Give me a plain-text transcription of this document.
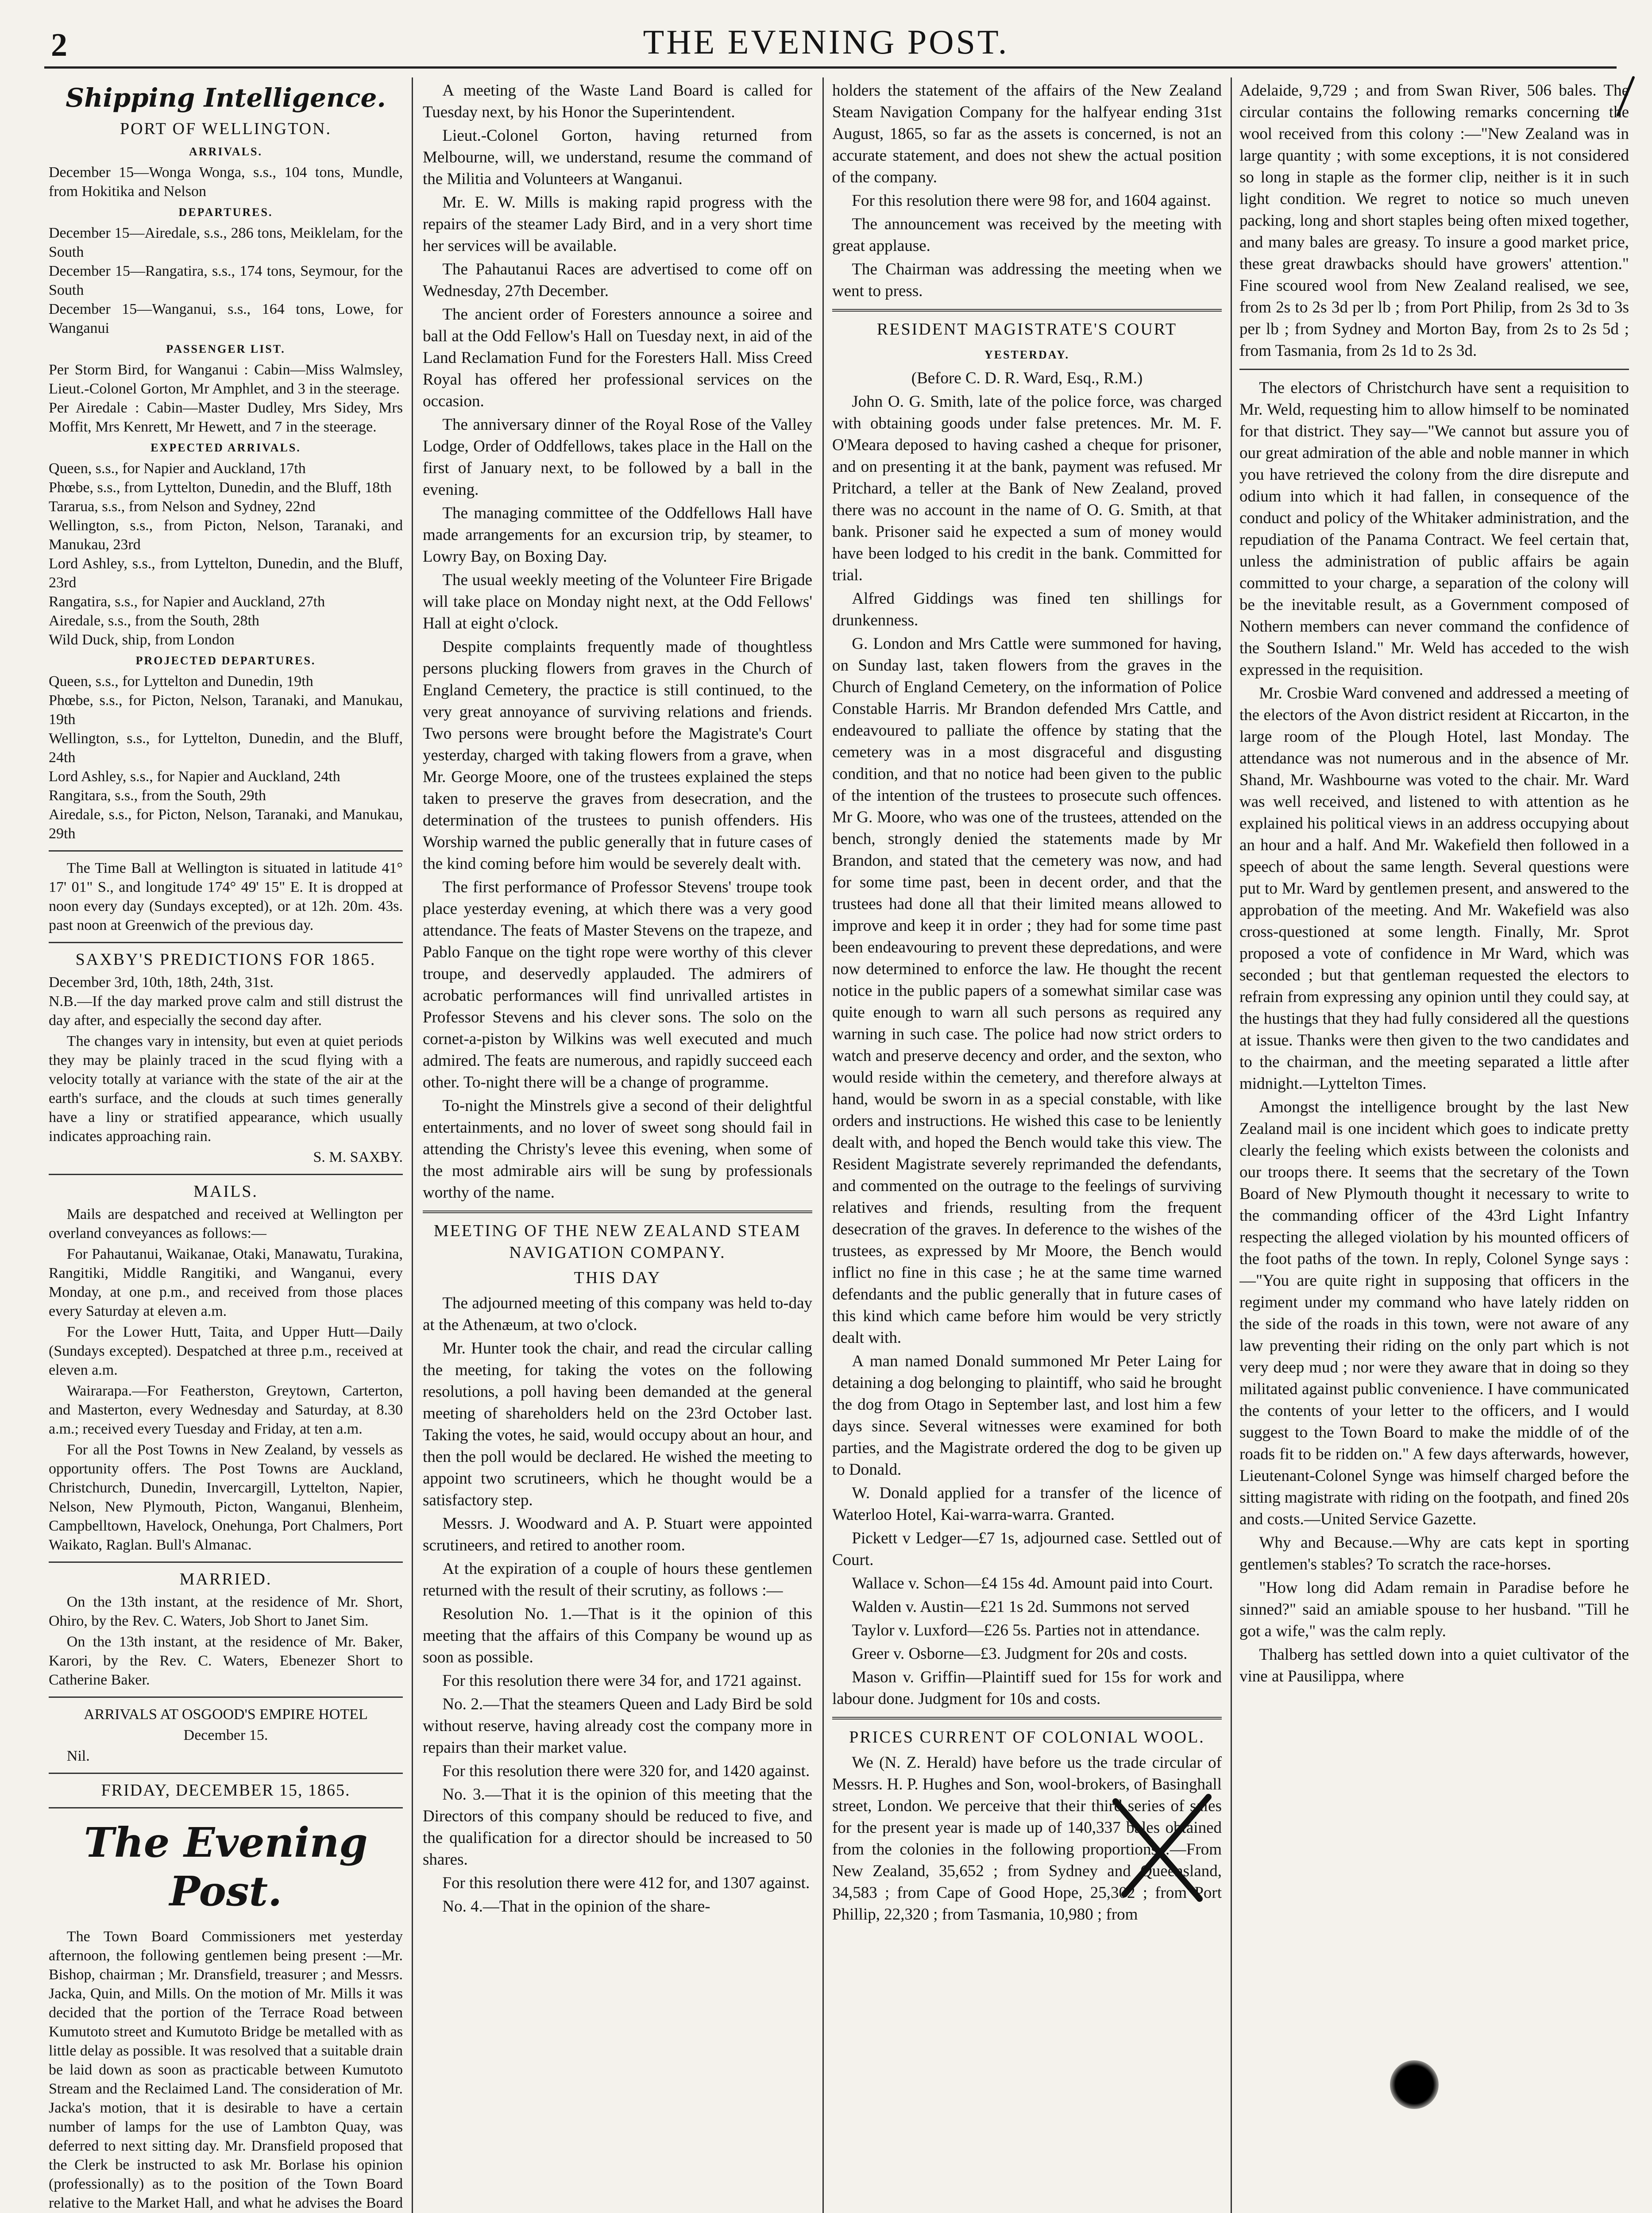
2	THE EVENING POST.
Shipping Intelligence.

PORT OF WELLINGTON.

ARRIVALS.

December 15—Wonga Wonga, s.s., 104 tons, Mundle, from Hokitika and Nelson

DEPARTURES.

December 15—Airedale, s.s., 286 tons, Meiklelam, for the South
December 15—Rangatira, s.s., 174 tons, Seymour, for the South
December 15—Wanganui, s.s., 164 tons, Lowe, for Wanganui

PASSENGER LIST.

Per Storm Bird, for Wanganui : Cabin—Miss Walmsley, Lieut.-Colonel Gorton, Mr Amphlet, and 3 in the steerage.
Per Airedale : Cabin—Master Dudley, Mrs Sidey, Mrs Moffit, Mrs Kenrett, Mr Hewett, and 7 in the steerage.

EXPECTED ARRIVALS.

Queen, s.s., for Napier and Auckland, 17th
Phœbe, s.s., from Lyttelton, Dunedin, and the Bluff, 18th
Tararua, s.s., from Nelson and Sydney, 22nd
Wellington, s.s., from Picton, Nelson, Taranaki, and Manukau, 23rd
Lord Ashley, s.s., from Lyttelton, Dunedin, and the Bluff, 23rd
Rangatira, s.s., for Napier and Auckland, 27th
Airedale, s.s., from the South, 28th
Wild Duck, ship, from London

PROJECTED DEPARTURES.

Queen, s.s., for Lyttelton and Dunedin, 19th
Phœbe, s.s., for Picton, Nelson, Taranaki, and Manukau, 19th
Wellington, s.s., for Lyttelton, Dunedin, and the Bluff, 24th
Lord Ashley, s.s., for Napier and Auckland, 24th
Rangitara, s.s., from the South, 29th
Airedale, s.s., for Picton, Nelson, Taranaki, and Manukau, 29th

The Time Ball at Wellington is situated in latitude 41° 17' 01" S., and longitude 174° 49' 15" E. It is dropped at noon every day (Sundays excepted), or at 12h. 20m. 43s. past noon at Greenwich of the previous day.

SAXBY'S PREDICTIONS FOR 1865.

December 3rd, 10th, 18th, 24th, 31st.
N.B.—If the day marked prove calm and still distrust the day after, and especially the second day after.

The changes vary in intensity, but even at quiet periods they may be plainly traced in the scud flying with a velocity totally at variance with the state of the air at the earth's surface, and the clouds at such times generally have a liny or stratified appearance, which usually indicates approaching rain.

S. M. SAXBY.

MAILS.

Mails are despatched and received at Wellington per overland conveyances as follows:—

For Pahautanui, Waikanae, Otaki, Manawatu, Turakina, Rangitiki, Middle Rangitiki, and Wanganui, every Monday, at one p.m., and received from those places every Saturday at eleven a.m.

For the Lower Hutt, Taita, and Upper Hutt—Daily (Sundays excepted). Despatched at three p.m., received at eleven a.m.

Wairarapa.—For Featherston, Greytown, Carterton, and Masterton, every Wednesday and Saturday, at 8.30 a.m.; received every Tuesday and Friday, at ten a.m.

For all the Post Towns in New Zealand, by vessels as opportunity offers. The Post Towns are Auckland, Christchurch, Dunedin, Invercargill, Lyttelton, Napier, Nelson, New Plymouth, Picton, Wanganui, Blenheim, Campbelltown, Havelock, Onehunga, Port Chalmers, Port Waikato, Raglan. Bull's Almanac.

MARRIED.

On the 13th instant, at the residence of Mr. Short, Ohiro, by the Rev. C. Waters, Job Short to Janet Sim.

On the 13th instant, at the residence of Mr. Baker, Karori, by the Rev. C. Waters, Ebenezer Short to Catherine Baker.

ARRIVALS AT OSGOOD'S EMPIRE HOTEL

December 15.

Nil.

FRIDAY, DECEMBER 15, 1865.

The Evening Post.

The Town Board Commissioners met yesterday afternoon, the following gentlemen being present :—Mr. Bishop, chairman ; Mr. Dransfield, treasurer ; and Messrs. Jacka, Quin, and Mills. On the motion of Mr. Mills it was decided that the portion of the Terrace Road between Kumutoto street and Kumutoto Bridge be metalled with as little delay as possible. It was resolved that a suitable drain be laid down as soon as practicable between Kumutoto Stream and the Reclaimed Land. The consideration of Mr. Jacka's motion, that it is desirable to have a certain number of lamps for the use of Lambton Quay, was deferred to next sitting day. Mr. Dransfield proposed that the Clerk be instructed to ask Mr. Borlase his opinion (professionally) as to the position of the Town Board relative to the Market Hall, and what he advises the Board

A meeting of the Waste Land Board is called for Tuesday next, by his Honor the Superintendent.

Lieut.-Colonel Gorton, having returned from Melbourne, will, we understand, resume the command of the Militia and Volunteers at Wanganui.

Mr. E. W. Mills is making rapid progress with the repairs of the steamer Lady Bird, and in a very short time her services will be available.

The Pahautanui Races are advertised to come off on Wednesday, 27th December.

The ancient order of Foresters announce a soiree and ball at the Odd Fellow's Hall on Tuesday next, in aid of the Land Reclamation Fund for the Foresters Hall. Miss Creed Royal has offered her professional services on the occasion.

The anniversary dinner of the Royal Rose of the Valley Lodge, Order of Oddfellows, takes place in the Hall on the first of January next, to be followed by a ball in the evening.

The managing committee of the Oddfellows Hall have made arrangements for an excursion trip, by steamer, to Lowry Bay, on Boxing Day.

The usual weekly meeting of the Volunteer Fire Brigade will take place on Monday night next, at the Odd Fellows' Hall at eight o'clock.

Despite complaints frequently made of thoughtless persons plucking flowers from graves in the Church of England Cemetery, the practice is still continued, to the very great annoyance of surviving relations and friends. Two persons were brought before the Magistrate's Court yesterday, charged with taking flowers from a grave, when Mr. George Moore, one of the trustees explained the steps taken to preserve the graves from desecration, and the determination of the trustees to punish offenders. His Worship warned the public generally that in future cases of the kind coming before him would be severely dealt with.

The first performance of Professor Stevens' troupe took place yesterday evening, at which there was a very good attendance. The feats of Master Stevens on the trapeze, and Pablo Fanque on the tight rope were worthy of this clever troupe, and deservedly applauded. The admirers of acrobatic performances will find unrivalled artistes in Professor Stevens and his clever sons. The solo on the cornet-a-piston by Wilkins was well executed and much admired. The feats are numerous, and rapidly succeed each other. To-night there will be a change of programme.

To-night the Minstrels give a second of their delightful entertainments, and no lover of sweet song should fail in attending the Christy's levee this evening, when some of the most admirable airs will be sung by professionals worthy of the name.

MEETING OF THE NEW ZEALAND STEAM NAVIGATION COMPANY.

THIS DAY

The adjourned meeting of this company was held to-day at the Athenæum, at two o'clock.

Mr. Hunter took the chair, and read the circular calling the meeting, for taking the votes on the following resolutions, a poll having been demanded at the general meeting of shareholders held on the 23rd October last. Taking the votes, he said, would occupy about an hour, and then the poll would be declared. He wished the meeting to appoint two scrutineers, which he thought would be a satisfactory step.

Messrs. J. Woodward and A. P. Stuart were appointed scrutineers, and retired to another room.

At the expiration of a couple of hours these gentlemen returned with the result of their scrutiny, as follows :—

Resolution No. 1.—That is it the opinion of this meeting that the affairs of this Company be wound up as soon as possible.

For this resolution there were 34 for, and 1721 against.

No. 2.—That the steamers Queen and Lady Bird be sold without reserve, having already cost the company more in repairs than their market value.

For this resolution there were 320 for, and 1420 against.

No. 3.—That it is the opinion of this meeting that the Directors of this company should be reduced to five, and the qualification for a director should be increased to 50 shares.

For this resolution there were 412 for, and 1307 against.

No. 4.—That in the opinion of the share-

holders the statement of the affairs of the New Zealand Steam Navigation Company for the halfyear ending 31st August, 1865, so far as the assets is concerned, is not an accurate statement, and does not shew the actual position of the company.

For this resolution there were 98 for, and 1604 against.

The announcement was received by the meeting with great applause.

The Chairman was addressing the meeting when we went to press.

RESIDENT MAGISTRATE'S COURT

YESTERDAY.

(Before C. D. R. Ward, Esq., R.M.)

John O. G. Smith, late of the police force, was charged with obtaining goods under false pretences. Mr. M. F. O'Meara deposed to having cashed a cheque for prisoner, and on presenting it at the bank, payment was refused. Mr Pritchard, a teller at the Bank of New Zealand, proved there was no account in the name of O. G. Smith, at that bank. Prisoner said he expected a sum of money would have been lodged to his credit in the bank. Committed for trial.

Alfred Giddings was fined ten shillings for drunkenness.

G. London and Mrs Cattle were summoned for having, on Sunday last, taken flowers from the graves in the Church of England Cemetery, on the information of Police Constable Harris. Mr Brandon defended Mrs Cattle, and endeavoured to palliate the offence by stating that the cemetery was in a most disgraceful and disgusting condition, and that no notice had been given to the public of the intention of the trustees to prosecute such offences. Mr G. Moore, who was one of the trustees, attended on the bench, strongly denied the statements made by Mr Brandon, and stated that the cemetery was now, and had for some time past, been in decent order, and that the trustees had done all that their limited means allowed to improve and keep it in order ; they had for some time past been endeavouring to prevent these depredations, and were now determined to enforce the law. He thought the recent notice in the public papers of a somewhat similar case was quite enough to warn all such persons as required any warning in such case. The police had now strict orders to watch and preserve decency and order, and the sexton, who would reside within the cemetery, and therefore always at hand, would be sworn in as a special constable, with like orders and instructions. He wished this case to be leniently dealt with, and hoped the Bench would take this view. The Resident Magistrate severely reprimanded the defendants, and commented on the outrage to the feelings of surviving relatives and friends, resulting from the frequent desecration of the graves. In deference to the wishes of the trustees, as expressed by Mr Moore, the Bench would inflict no fine in this case ; he at the same time warned defendants and the public generally that in future cases of this kind which came before him would be very strictly dealt with.

A man named Donald summoned Mr Peter Laing for detaining a dog belonging to plaintiff, who said he brought the dog from Otago in September last, and lost him a few days since. Several witnesses were examined for both parties, and the Magistrate ordered the dog to be given up to Donald.

W. Donald applied for a transfer of the licence of Waterloo Hotel, Kai-warra-warra. Granted.

Pickett v Ledger—£7 1s, adjourned case. Settled out of Court.

Wallace v. Schon—£4 15s 4d. Amount paid into Court.

Walden v. Austin—£21 1s 2d. Summons not served

Taylor v. Luxford—£26 5s. Parties not in attendance.

Greer v. Osborne—£3. Judgment for 20s and costs.

Mason v. Griffin—Plaintiff sued for 15s for work and labour done. Judgment for 10s and costs.

PRICES CURRENT OF COLONIAL WOOL.

We (N. Z. Herald) have before us the trade circular of Messrs. H. P. Hughes and Son, wool-brokers, of Basinghall street, London. We perceive that their third series of sales for the present year is made up of 140,337 bales obtained from the colonies in the following proportions :—From New Zealand, 35,652 ; from Sydney and Queensland, 34,583 ; from Cape of Good Hope, 25,302 ; from Port Phillip, 22,320 ; from Tasmania, 10,980 ; from

Adelaide, 9,729 ; and from Swan River, 506 bales. The circular contains the following remarks concerning the wool received from this colony :—"New Zealand was in large quantity ; with some exceptions, it is not considered so long in staple as the former clip, neither is it in such light condition. We regret to notice so much uneven packing, long and short staples being often mixed together, and many bales are greasy. To insure a good market price, these great drawbacks should have growers' attention." Fine scoured wool from New Zealand realised, we see, from 2s to 2s 3d per lb ; from Port Philip, from 2s 3d to 3s per lb ; from Sydney and Morton Bay, from 2s to 2s 5d ; from Tasmania, from 2s 1d to 2s 3d.

The electors of Christchurch have sent a requisition to Mr. Weld, requesting him to allow himself to be nominated for that district. They say—"We cannot but assure you of our great admiration of the able and noble manner in which you have retrieved the colony from the dire disrepute and odium into which it had fallen, in consequence of the conduct and policy of the Whitaker administration, and the repudiation of the Panama Contract. We feel certain that, unless the administration of public affairs be again committed to your charge, a separation of the colony will be the inevitable result, as a Government composed of Nothern members can never command the confidence of the Southern Island." Mr. Weld has acceded to the wish expressed in the requisition.

Mr. Crosbie Ward convened and addressed a meeting of the electors of the Avon district resident at Riccarton, in the large room of the Plough Hotel, last Monday. The attendance was not numerous and in the absence of Mr. Shand, Mr. Washbourne was voted to the chair. Mr. Ward was well received, and listened to with attention as he explained his political views in an address occupying about an hour and a half. And Mr. Wakefield then followed in a speech of about the same length. Several questions were put to Mr. Ward by gentlemen present, and answered to the approbation of the meeting. And Mr. Wakefield was also cross-questioned at some length. Finally, Mr. Sprot proposed a vote of confidence in Mr Ward, which was seconded ; but that gentleman requested the electors to refrain from expressing any opinion until they could say, at the hustings that they had fully considered all the questions at issue. Thanks were then given to the two candidates and to the chairman, and the meeting separated a little after midnight.—Lyttelton Times.

Amongst the intelligence brought by the last New Zealand mail is one incident which goes to indicate pretty clearly the feeling which exists between the colonists and our troops there. It seems that the secretary of the Town Board of New Plymouth thought it necessary to write to the commanding officer of the 43rd Light Infantry respecting the alleged violation by his mounted officers of the foot paths of the town. In reply, Colonel Synge says :—"You are quite right in supposing that officers in the regiment under my command who have lately ridden on the side of the roads in this town, were not aware of any law preventing their riding on the only part which is not very deep mud ; nor were they aware that in doing so they militated against public convenience. I have communicated the contents of your letter to the officers, and I would suggest to the Town Board to make the middle of of the roads fit to be ridden on." A few days afterwards, however, Lieutenant-Colonel Synge was himself charged before the sitting magistrate with riding on the footpath, and fined 20s and costs.—United Service Gazette.

Why and Because.—Why are cats kept in sporting gentlemen's stables? To scratch the race-horses.

"How long did Adam remain in Paradise before he sinned?" said an amiable spouse to her husband. "Till he got a wife," was the calm reply.

Thalberg has settled down into a quiet cultivator of the vine at Pausilippa, where
